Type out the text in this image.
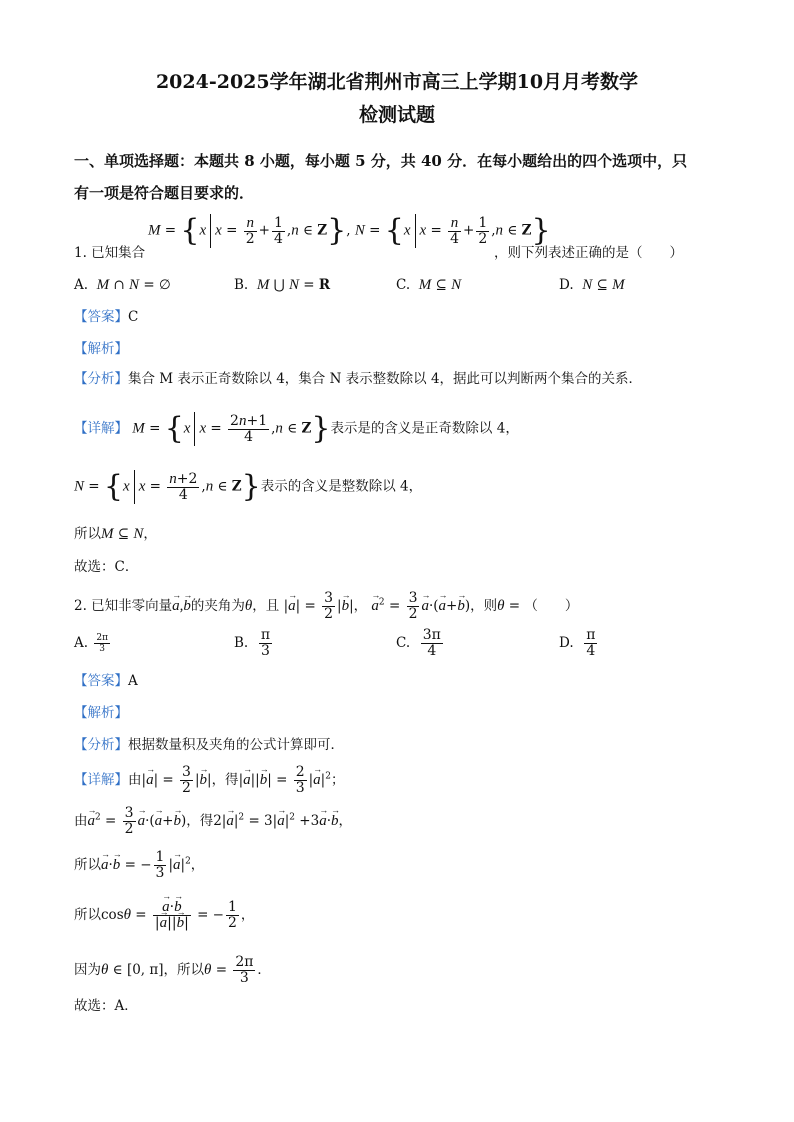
2024-2025学年湖北省荆州市高三上学期10月月考数学
检测试题
一、单项选择题：本题共 8 小题，每小题 5 分，共 40 分．在每小题给出的四个选项中，只
有一项是符合题目要求的．
M = {x $x = \frac{n}{2} + \frac{1}{4} ,n$ ∈ Z}, N = {x $x = \frac{n}{4} + \frac{1}{2} ,n$ ∈ Z}
1. 已知集合	，则下列表述正确的是（　　）
A. M ∩ N = ∅	B. M ⋃ N = R	C. M ⊆ N	D. N ⊆ M
【答案】C
【解析】
【分析】集合 M 表示正奇数除以 4，集合 N 表示整数除以 4，据此可以判断两个集合的关系．
【详解】 M = {x $x = \frac{2n+1}{4} ,n$ ∈ Z}表示是的含义是正奇数除以 4，
N = {x $x = \frac{n+2}{4} ,n$ ∈ Z}表示的含义是整数除以 4，
所以M ⊆ N，
故选：C．
2. 已知非零向量→ a,→ b的夹角为θ，且 |→ $a| = \frac{3}{2}$ |→ b|， → $a^2 = \frac{3}{2}$
→ a·(→ a+→ b)，则θ = （　　）
A. $\frac{2\pi}{3}$	B. $\frac{\pi}{3}$	C. $\frac{3\pi}{4}$	D. $\frac{\pi}{4}$
【答案】A
【解析】
【分析】根据数量积及夹角的公式计算即可．
【详解】由|→ $a| = \frac{3}{2}$ |→ b|，得|→ $a||\to b| = \frac{2}{3}$ |→ $a|^2$；
由→ $a^2 = \frac{3}{2}$
→ a·(→ a+→ b)，得$2|\to a|^2 = 3|\to a|^2 +3\to a\cdot\to b$，
所以→ a·→ b = − $\frac{1}{3}$ |→ $a|^2$，
所以cosθ =
→ $\frac{a\cdot\to b}{|\to a||\to b|}$ = − $\frac{1}{2}$ ，
因为θ ∈ [0, π]，所以$\theta = \frac{2\pi}{3}$ ．
故选：A．
